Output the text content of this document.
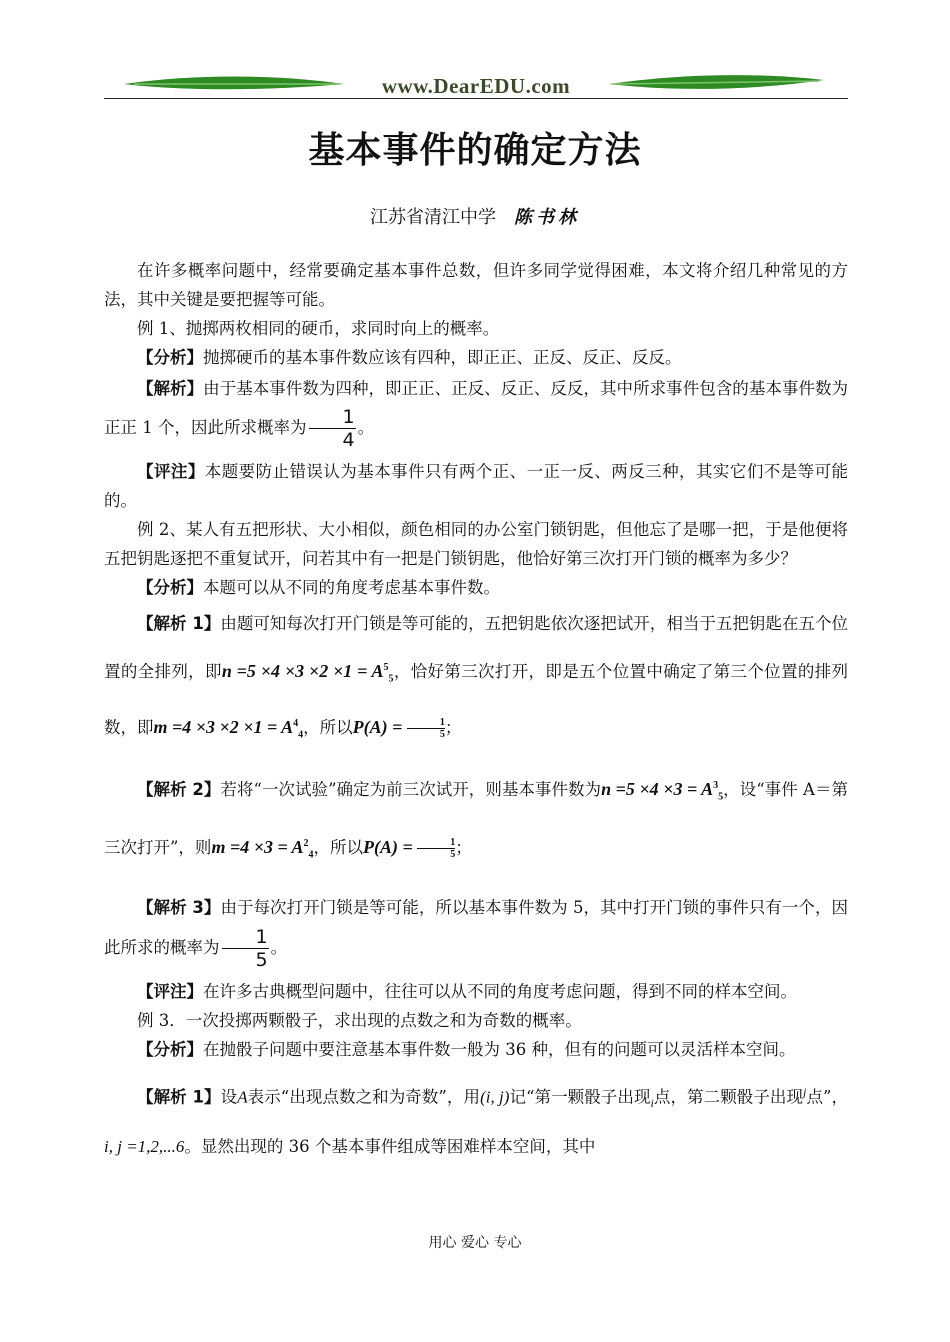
www.DearEDU.com
基本事件的确定方法
江苏省清江中学 陈书林

在许多概率问题中，经常要确定基本事件总数，但许多同学觉得困难，本文将介绍几种常见的方法，其中关键是要把握等可能。

例 1、抛掷两枚相同的硬币，求同时向上的概率。

【分析】抛掷硬币的基本事件数应该有四种，即正正、正反、反正、反反。

【解析】由于基本事件数为四种，即正正、正反、反正、反反，其中所求事件包含的基本事件数为正正 1 个，因此所求概率为 $\frac{1}{4}$ 。

【评注】本题要防止错误认为基本事件只有两个正、一正一反、两反三种，其实它们不是等可能的。

例 2、某人有五把形状、大小相似，颜色相同的办公室门锁钥匙，但他忘了是哪一把，于是他便将五把钥匙逐把不重复试开，问若其中有一把是门锁钥匙，他恰好第三次打开门锁的概率为多少？

【分析】本题可以从不同的角度考虑基本事件数。

【解析 1】由题可知每次打开门锁是等可能的，五把钥匙依次逐把试开，相当于五把钥匙在五个位置的全排列，即$n =5 \times 4 \times 3 \times 2 \times 1 = A^5_5$，恰好第三次打开，即是五个位置中确定了第三个位置的排列数，即$m =4 \times 3 \times 2 \times 1 = A^4_4$，所以$P(A) = \frac{1}{5}$ ；

【解析 2】若将“一次试验”确定为前三次试开，则基本事件数为$n =5 \times 4 \times 3 = A^3_5$，设“事件 A＝第三次打开”，则$m =4 \times 3 = A^2_4$，所以$P(A) = \frac{1}{5}$ ；

【解析 3】由于每次打开门锁是等可能，所以基本事件数为 5，其中打开门锁的事件只有一个，因此所求的概率为 $\frac{1}{5}$ 。

【评注】在许多古典概型问题中，往往可以从不同的角度考虑问题，得到不同的样本空间。

例 3．一次投掷两颗骰子，求出现的点数之和为奇数的概率。

【分析】在抛骰子问题中要注意基本事件数一般为 36 种，但有的问题可以灵活样本空间。

【解析 1】设A表示“出现点数之和为奇数”，用(i, j)记“第一颗骰子出现$_i$点，第二颗骰子出现$^j$点”，i, j =1,2,...6。显然出现的 36 个基本事件组成等困难样本空间，其中

用心 爱心 专心
